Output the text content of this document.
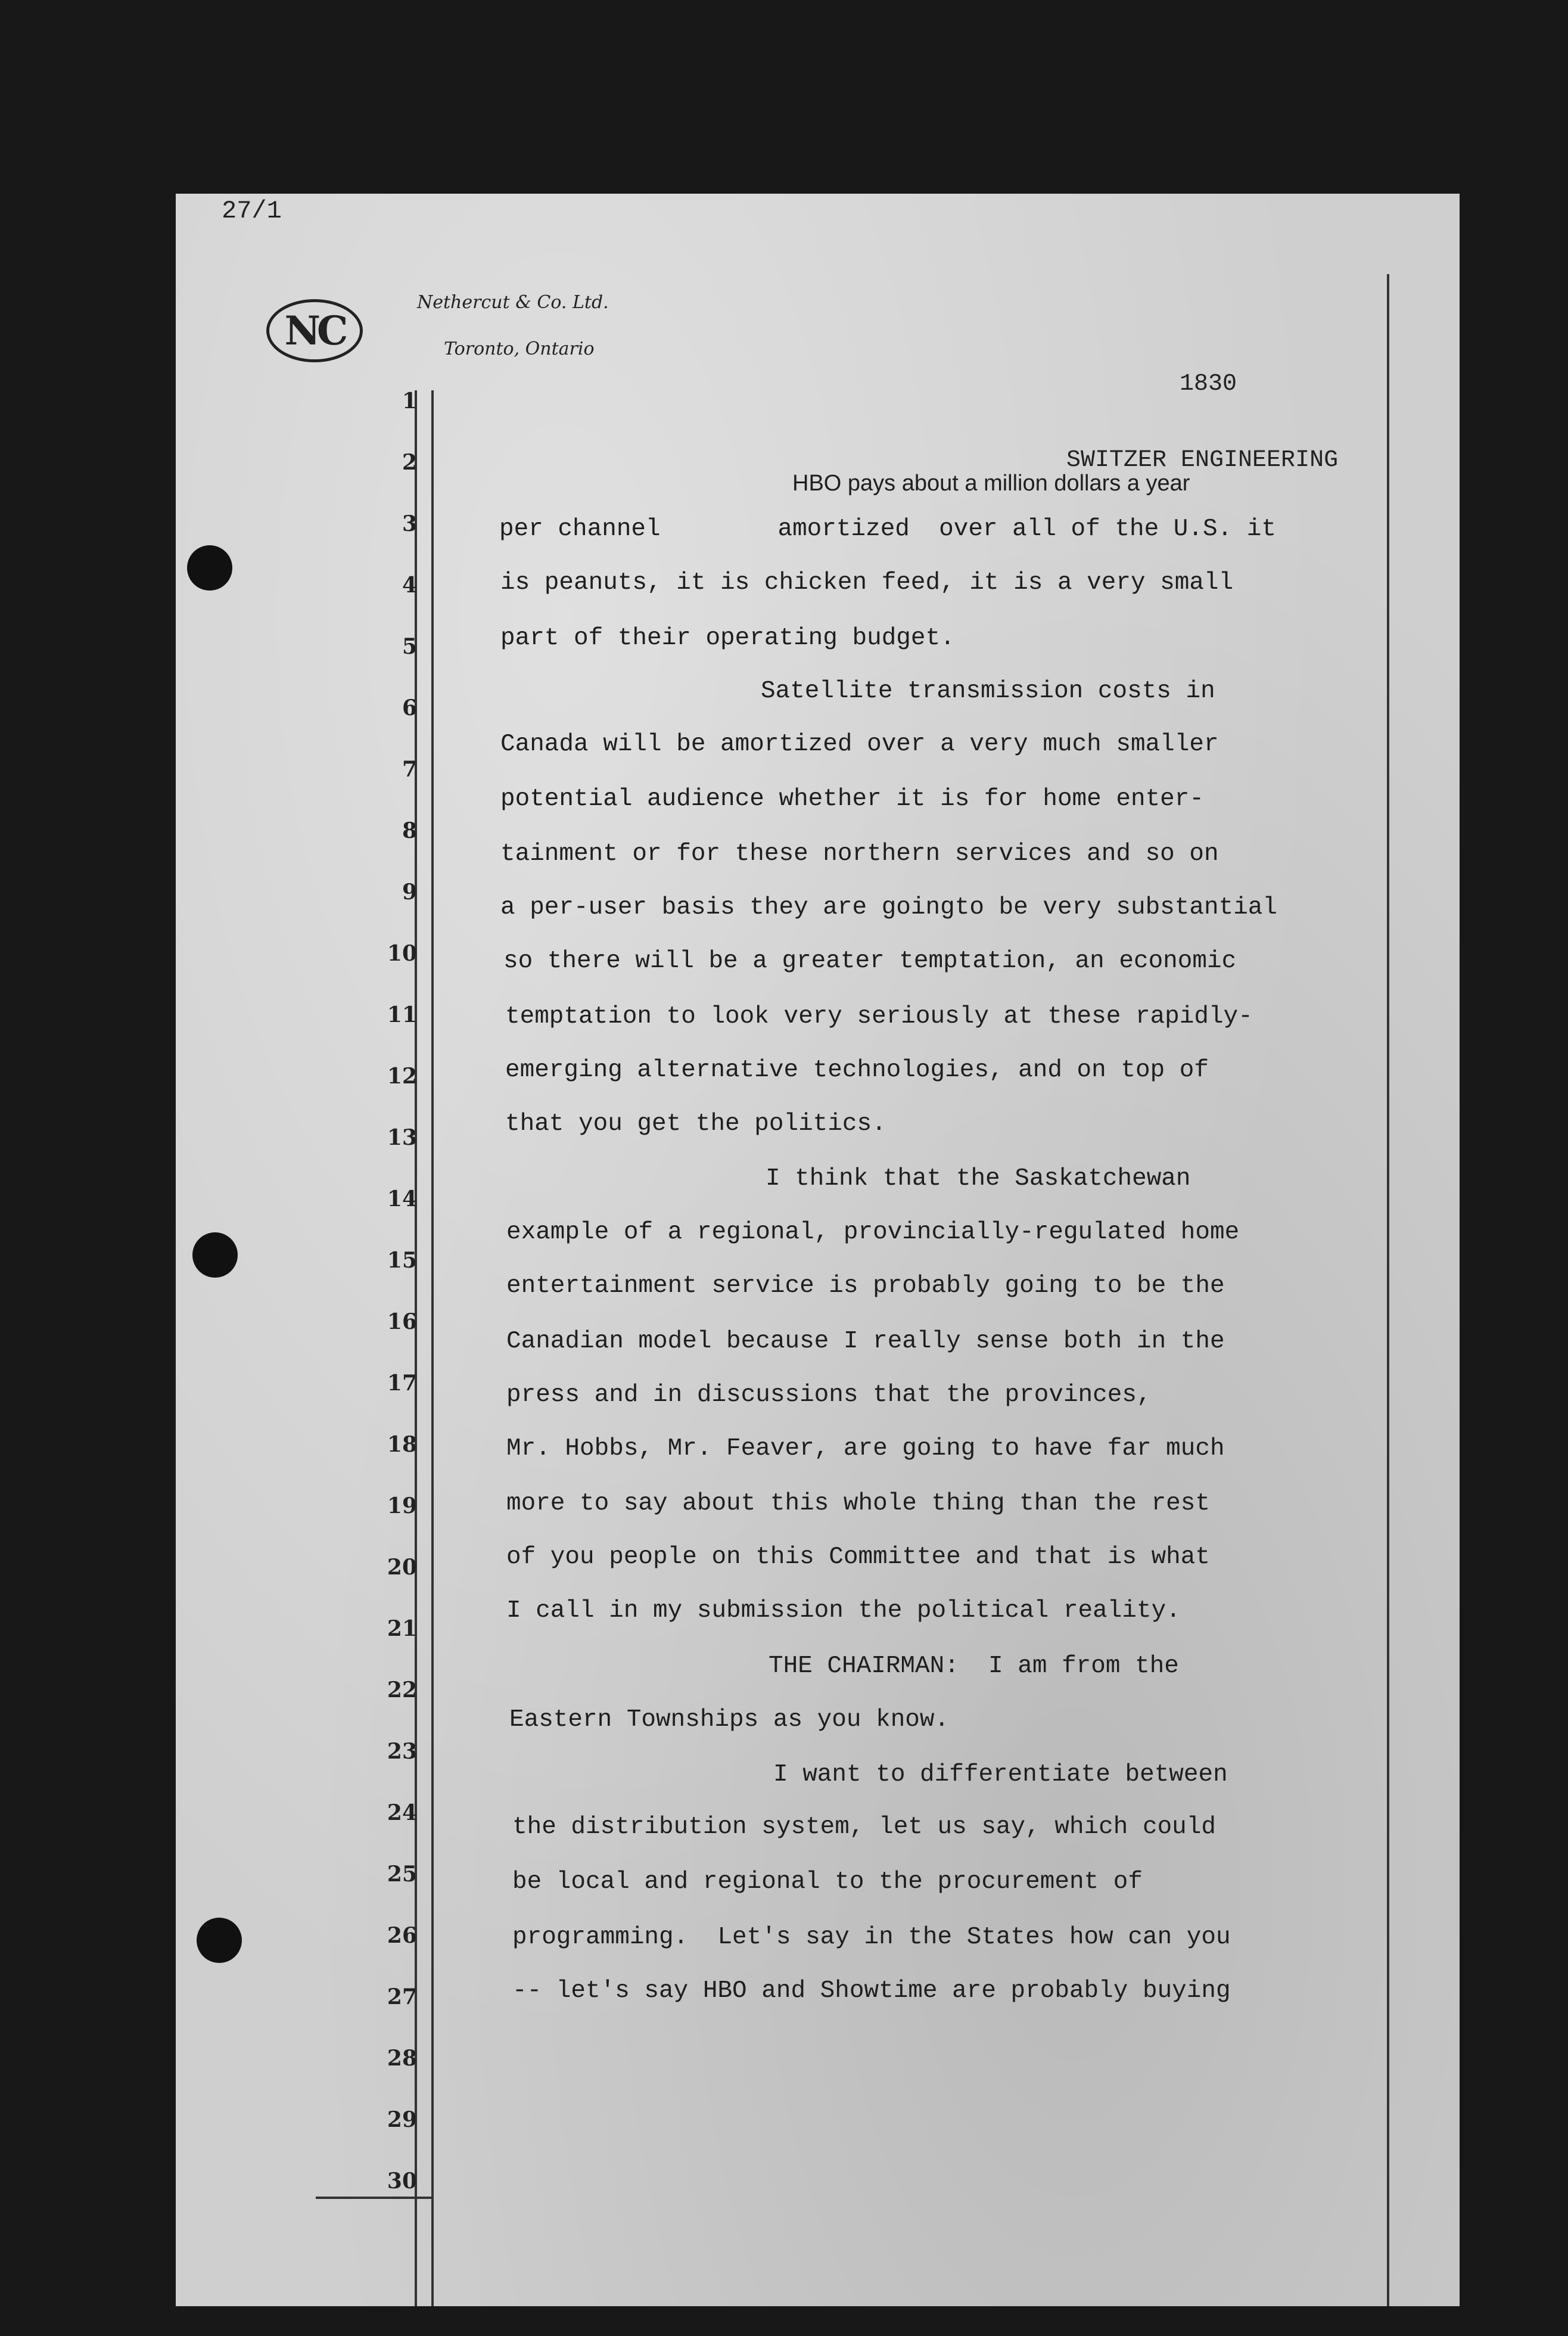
27/1
NC
Nethercut & Co. Ltd.
Toronto, Ontario
1830
SWITZER ENGINEERING
1
2
3
4
5
6
7
8
9
10
11
12
13
14
15
16
17
18
19
20
21
22
23
24
25
26
27
28
29
30
HBO pays about a million dollars a year
per channel        amortized  over all of the U.S. it
is peanuts, it is chicken feed, it is a very small
part of their operating budget.
Satellite transmission costs in
Canada will be amortized over a very much smaller
potential audience whether it is for home enter-
tainment or for these northern services and so on
a per-user basis they are goingto be very substantial
so there will be a greater temptation, an economic
temptation to look very seriously at these rapidly-
emerging alternative technologies, and on top of
that you get the politics.
I think that the Saskatchewan
example of a regional, provincially-regulated home
entertainment service is probably going to be the
Canadian model because I really sense both in the
press and in discussions that the provinces,
Mr. Hobbs, Mr. Feaver, are going to have far much
more to say about this whole thing than the rest
of you people on this Committee and that is what
I call in my submission the political reality.
THE CHAIRMAN:  I am from the
Eastern Townships as you know.
I want to differentiate between
the distribution system, let us say, which could
be local and regional to the procurement of
programming.  Let's say in the States how can you
-- let's say HBO and Showtime are probably buying
